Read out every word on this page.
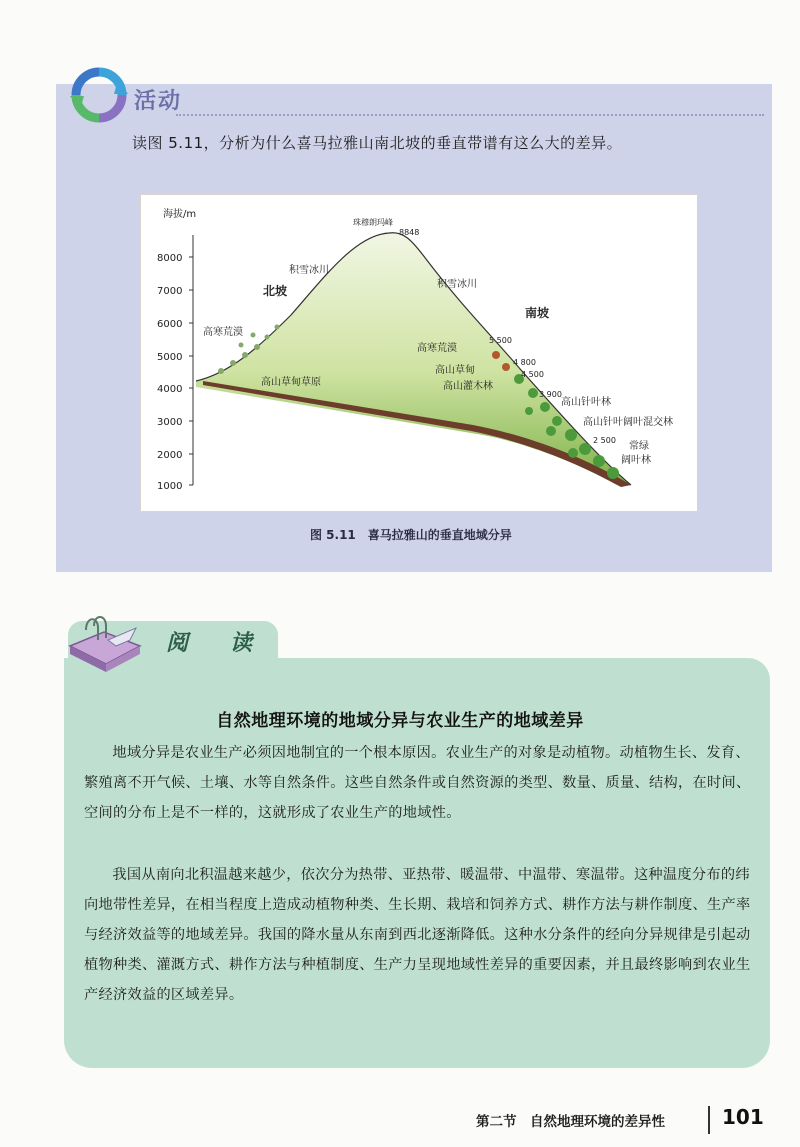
活动
读图 5.11，分析为什么喜马拉雅山南北坡的垂直带谱有这么大的差异。
海拔/m
8000
7000
6000
5000
4000
3000
2000
1000
珠穆朗玛峰
8848
积雪冰川
北坡
高寒荒漠
高山草甸草原
积雪冰川
南坡
高寒荒漠
高山草甸
高山灌木林
高山针叶林
高山针叶阔叶混交林
常绿
阔叶林
5 500
4 800
4 500
3 900
2 500
图 5.11　喜马拉雅山的垂直地域分异
阅　读
自然地理环境的地域分异与农业生产的地域差异

地域分异是农业生产必须因地制宜的一个根本原因。农业生产的对象是动植物。动植物生长、发育、繁殖离不开气候、土壤、水等自然条件。这些自然条件或自然资源的类型、数量、质量、结构，在时间、空间的分布上是不一样的，这就形成了农业生产的地域性。

我国从南向北积温越来越少，依次分为热带、亚热带、暖温带、中温带、寒温带。这种温度分布的纬向地带性差异，在相当程度上造成动植物种类、生长期、栽培和饲养方式、耕作方法与耕作制度、生产率与经济效益等的地域差异。我国的降水量从东南到西北逐渐降低。这种水分条件的经向分异规律是引起动植物种类、灌溉方式、耕作方法与种植制度、生产力呈现地域性差异的重要因素，并且最终影响到农业生产经济效益的区域差异。

第二节　自然地理环境的差异性	101
